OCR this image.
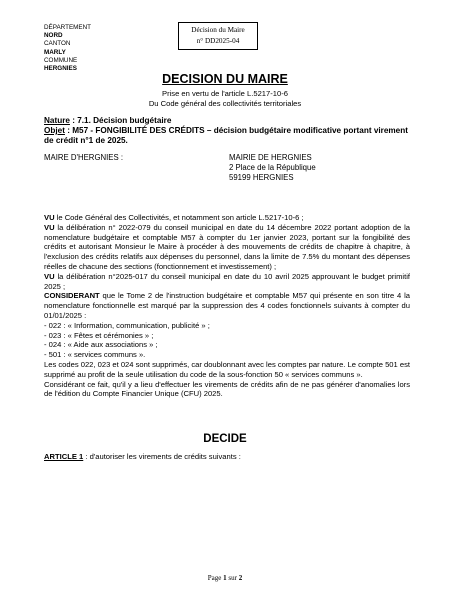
DÉPARTEMENT
NORD
CANTON
MARLY
COMMUNE
HERGNIES
Décision du Maire
n° DD2025-04
DECISION DU MAIRE
Prise en vertu de l'article L.5217-10-6
Du Code général des collectivités territoriales
Nature : 7.1. Décision budgétaire
Objet : M57 - FONGIBILITÉ DES CRÉDITS – décision budgétaire modificative portant virement de crédit n°1 de 2025.
MAIRE D'HERGNIES :	MAIRIE DE HERGNIES
2 Place de la République
59199 HERGNIES

VU le Code Général des Collectivités, et notamment son article L.5217-10-6 ;

VU la délibération n° 2022-079 du conseil municipal en date du 14 décembre 2022 portant adoption de la nomenclature budgétaire et comptable M57 à compter du 1er janvier 2023, portant sur la fongibilité des crédits et autorisant Monsieur le Maire à procéder à des mouvements de crédits de chapitre à chapitre, à l'exclusion des crédits relatifs aux dépenses du personnel, dans la limite de 7.5% du montant des dépenses réelles de chacune des sections (fonctionnement et investissement) ;

VU la délibération n°2025-017 du conseil municipal en date du 10 avril 2025 approuvant le budget primitif 2025 ;

CONSIDERANT que le Tome 2 de l'instruction budgétaire et comptable M57 qui présente en son titre 4 la nomenclature fonctionnelle est marqué par la suppression des 4 codes fonctionnels suivants à compter du 01/01/2025 :

- 022 : « Information, communication, publicité » ;

- 023 : « Fêtes et cérémonies » ;

- 024 : « Aide aux associations » ;

- 501 : « services communs ».

Les codes 022, 023 et 024 sont supprimés, car doublonnant avec les comptes par nature. Le compte 501 est supprimé au profit de la seule utilisation du code de la sous-fonction 50 « services communs ».

Considérant ce fait, qu'il y a lieu d'effectuer les virements de crédits afin de ne pas générer d'anomalies lors de l'édition du Compte Financier Unique (CFU) 2025.

DECIDE
ARTICLE 1 : d'autoriser les virements de crédits suivants :
Page 1 sur 2
